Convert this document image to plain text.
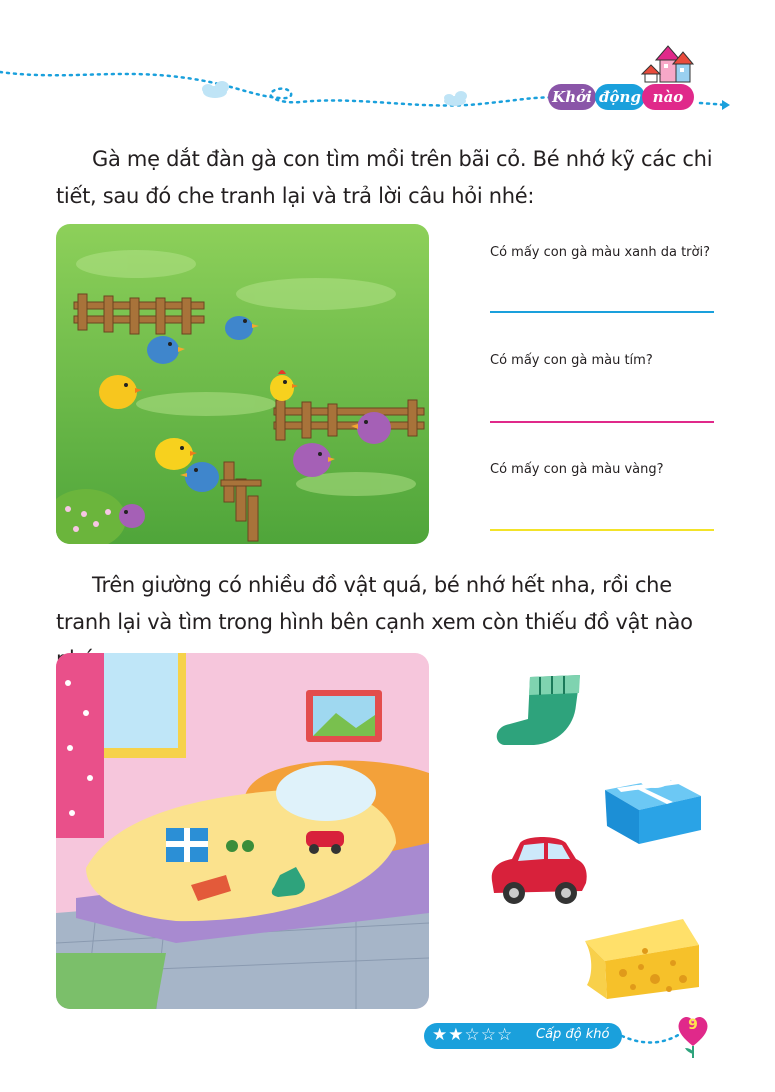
Khởi động nào
Gà mẹ dắt đàn gà con tìm mồi trên bãi cỏ. Bé nhớ kỹ các chi tiết, sau đó che tranh lại và trả lời câu hỏi nhé:
Có mấy con gà màu xanh da trời?
Có mấy con gà màu tím?
Có mấy con gà màu vàng?
Trên giường có nhiều đồ vật quá, bé nhớ hết nha, rồi che tranh lại và tìm trong hình bên cạnh xem còn thiếu đồ vật nào
★★☆☆☆ Cấp độ khó
9
